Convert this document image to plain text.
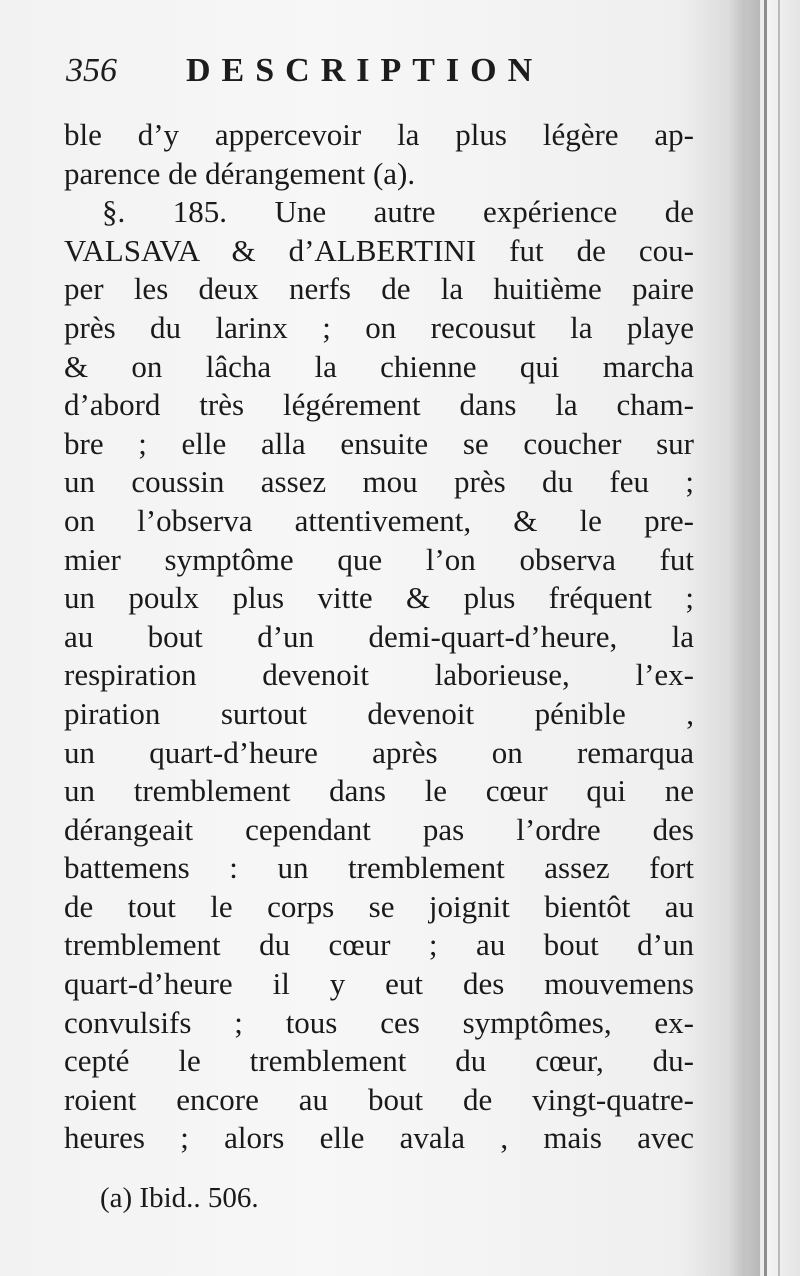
356 DESCRIPTION
ble d’y appercevoir la plus légère ap-
parence de dérangement (a).
§. 185. Une autre expérience de
VALSAVA & d’ALBERTINI fut de cou-
per les deux nerfs de la huitième paire
près du larinx ; on recousut la playe
& on lâcha la chienne qui marcha
d’abord très légérement dans la cham-
bre ; elle alla ensuite se coucher sur
un coussin assez mou près du feu ;
on l’observa attentivement, & le pre-
mier symptôme que l’on observa fut
un poulx plus vitte & plus fréquent ;
au bout d’un demi-quart-d’heure, la
respiration devenoit laborieuse, l’ex-
piration surtout devenoit pénible ,
un quart-d’heure après on remarqua
un tremblement dans le cœur qui ne
dérangeait cependant pas l’ordre des
battemens : un tremblement assez fort
de tout le corps se joignit bientôt au
tremblement du cœur ; au bout d’un
quart-d’heure il y eut des mouvemens
convulsifs ; tous ces symptômes, ex-
cepté le tremblement du cœur, du-
roient encore au bout de vingt-quatre-
heures ; alors elle avala , mais avec
(a) Ibid.. 506.
